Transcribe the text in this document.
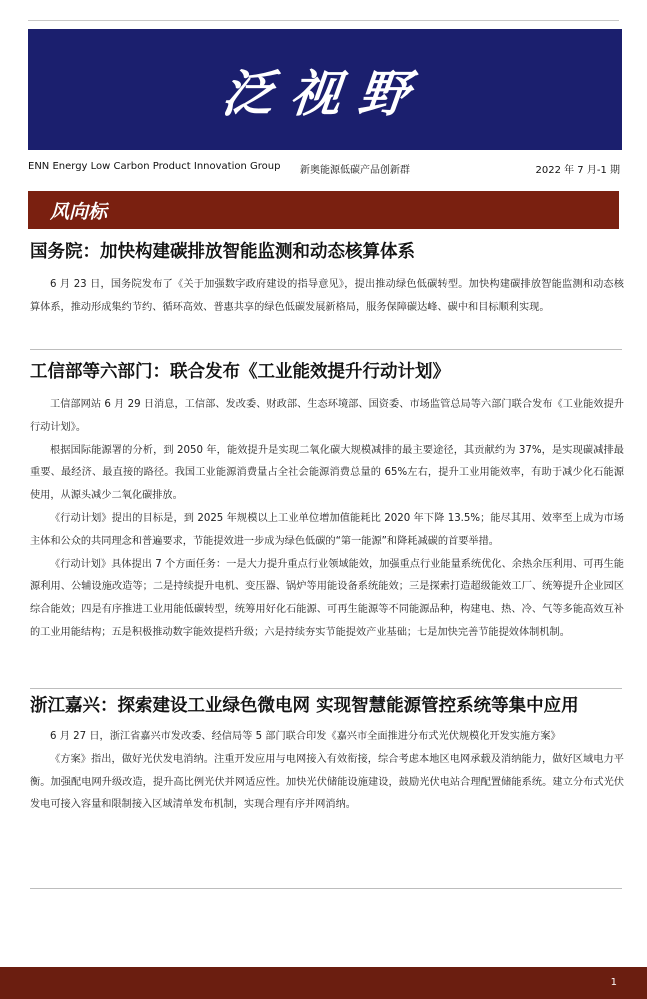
泛视野
ENN Energy Low Carbon Product Innovation Group 新奥能源低碳产品创新群	2022 年 7 月-1 期
风向标
国务院：加快构建碳排放智能监测和动态核算体系

6 月 23 日，国务院发布了《关于加强数字政府建设的指导意见》，提出推动绿色低碳转型。加快构建碳排放智能监测和动态核算体系，推动形成集约节约、循环高效、普惠共享的绿色低碳发展新格局，服务保障碳达峰、碳中和目标顺利实现。

工信部等六部门：联合发布《工业能效提升行动计划》

工信部网站 6 月 29 日消息，工信部、发改委、财政部、生态环境部、国资委、市场监管总局等六部门联合发布《工业能效提升行动计划》。

根据国际能源署的分析，到 2050 年，能效提升是实现二氧化碳大规模减排的最主要途径，其贡献约为 37%，是实现碳减排最重要、最经济、最直接的路径。我国工业能源消费量占全社会能源消费总量的 65%左右，提升工业用能效率，有助于减少化石能源使用，从源头减少二氧化碳排放。

《行动计划》提出的目标是，到 2025 年规模以上工业单位增加值能耗比 2020 年下降 13.5%；能尽其用、效率至上成为市场主体和公众的共同理念和普遍要求，节能提效进一步成为绿色低碳的“第一能源”和降耗减碳的首要举措。

《行动计划》具体提出 7 个方面任务：一是大力提升重点行业领域能效，加强重点行业能量系统优化、余热余压利用、可再生能源利用、公辅设施改造等；二是持续提升电机、变压器、锅炉等用能设备系统能效；三是探索打造超级能效工厂、统筹提升企业园区综合能效；四是有序推进工业用能低碳转型，统筹用好化石能源、可再生能源等不同能源品种，构建电、热、冷、气等多能高效互补的工业用能结构；五是积极推动数字能效提档升级；六是持续夯实节能提效产业基础；七是加快完善节能提效体制机制。

浙江嘉兴：探索建设工业绿色微电网 实现智慧能源管控系统等集中应用

6 月 27 日，浙江省嘉兴市发改委、经信局等 5 部门联合印发《嘉兴市全面推进分布式光伏规模化开发实施方案》

《方案》指出，做好光伏发电消纳。注重开发应用与电网接入有效衔接，综合考虑本地区电网承载及消纳能力，做好区域电力平衡。加强配电网升级改造，提升高比例光伏并网适应性。加快光伏储能设施建设，鼓励光伏电站合理配置储能系统。建立分布式光伏发电可接入容量和限制接入区域清单发布机制，实现合理有序并网消纳。

1
